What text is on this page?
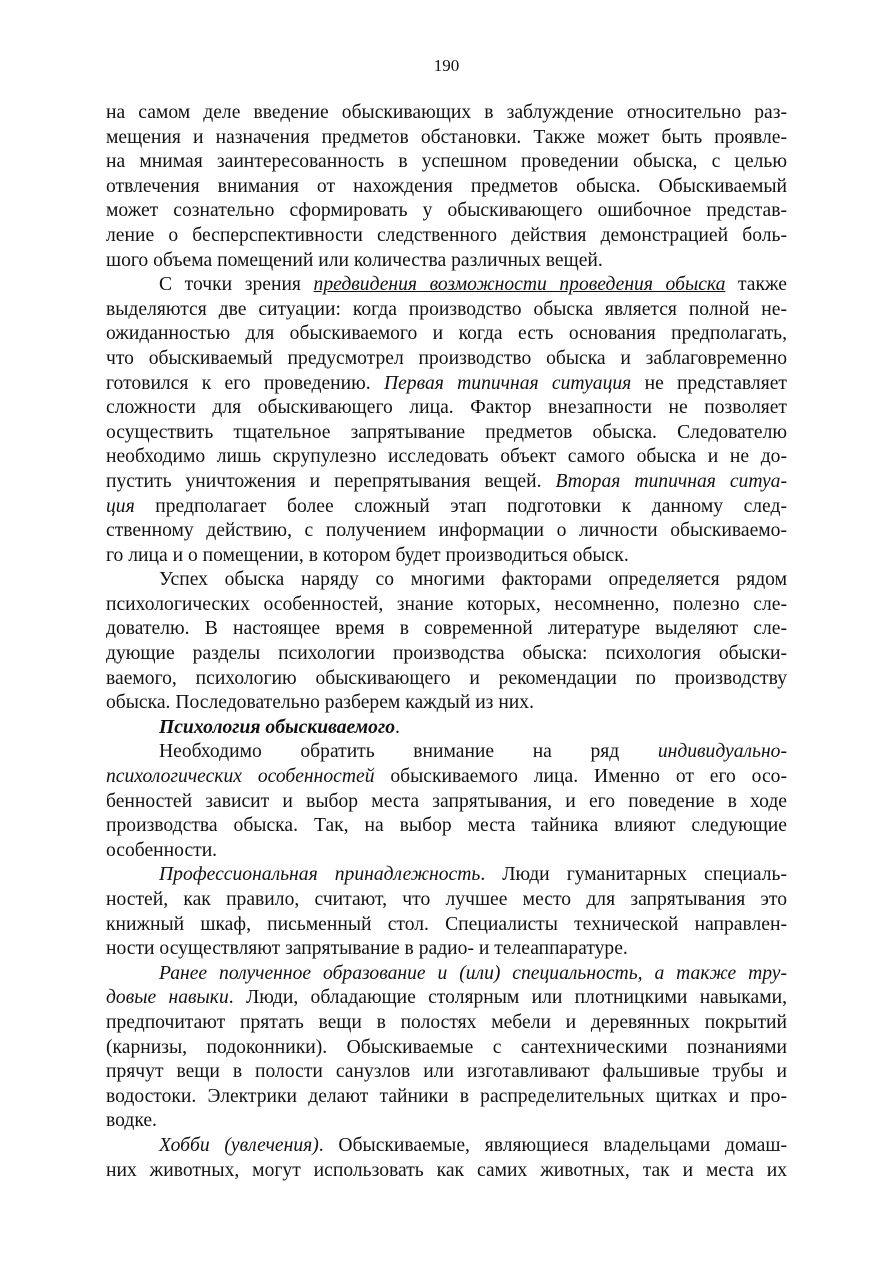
190
на самом деле введение обыскивающих в заблуждение относительно раз-
мещения и назначения предметов обстановки. Также может быть проявле-
на мнимая заинтересованность в успешном проведении обыска, с целью
отвлечения внимания от нахождения предметов обыска. Обыскиваемый
может сознательно сформировать у обыскивающего ошибочное представ-
ление о бесперспективности следственного действия демонстрацией боль-
шого объема помещений или количества различных вещей.
С точки зрения предвидения возможности проведения обыска также
выделяются две ситуации: когда производство обыска является полной не-
ожиданностью для обыскиваемого и когда есть основания предполагать,
что обыскиваемый предусмотрел производство обыска и заблаговременно
готовился к его проведению. Первая типичная ситуация не представляет
сложности для обыскивающего лица. Фактор внезапности не позволяет
осуществить тщательное запрятывание предметов обыска. Следователю
необходимо лишь скрупулезно исследовать объект самого обыска и не до-
пустить уничтожения и перепрятывания вещей. Вторая типичная ситуа-
ция предполагает более сложный этап подготовки к данному след-
ственному действию, с получением информации о личности обыскиваемо-
го лица и о помещении, в котором будет производиться обыск.
Успех обыска наряду со многими факторами определяется рядом
психологических особенностей, знание которых, несомненно, полезно сле-
дователю. В настоящее время в современной литературе выделяют сле-
дующие разделы психологии производства обыска: психология обыски-
ваемого, психологию обыскивающего и рекомендации по производству
обыска. Последовательно разберем каждый из них.
Психология обыскиваемого.
Необходимо обратить внимание на ряд индивидуально-
психологических особенностей обыскиваемого лица. Именно от его осо-
бенностей зависит и выбор места запрятывания, и его поведение в ходе
производства обыска. Так, на выбор места тайника влияют следующие
особенности.
Профессиональная принадлежность. Люди гуманитарных специаль-
ностей, как правило, считают, что лучшее место для запрятывания это
книжный шкаф, письменный стол. Специалисты технической направлен-
ности осуществляют запрятывание в радио- и телеаппаратуре.
Ранее полученное образование и (или) специальность, а также тру-
довые навыки. Люди, обладающие столярным или плотницкими навыками,
предпочитают прятать вещи в полостях мебели и деревянных покрытий
(карнизы, подоконники). Обыскиваемые с сантехническими познаниями
прячут вещи в полости санузлов или изготавливают фальшивые трубы и
водостоки. Электрики делают тайники в распределительных щитках и про-
водке.
Хобби (увлечения). Обыскиваемые, являющиеся владельцами домаш-
них животных, могут использовать как самих животных, так и места их
